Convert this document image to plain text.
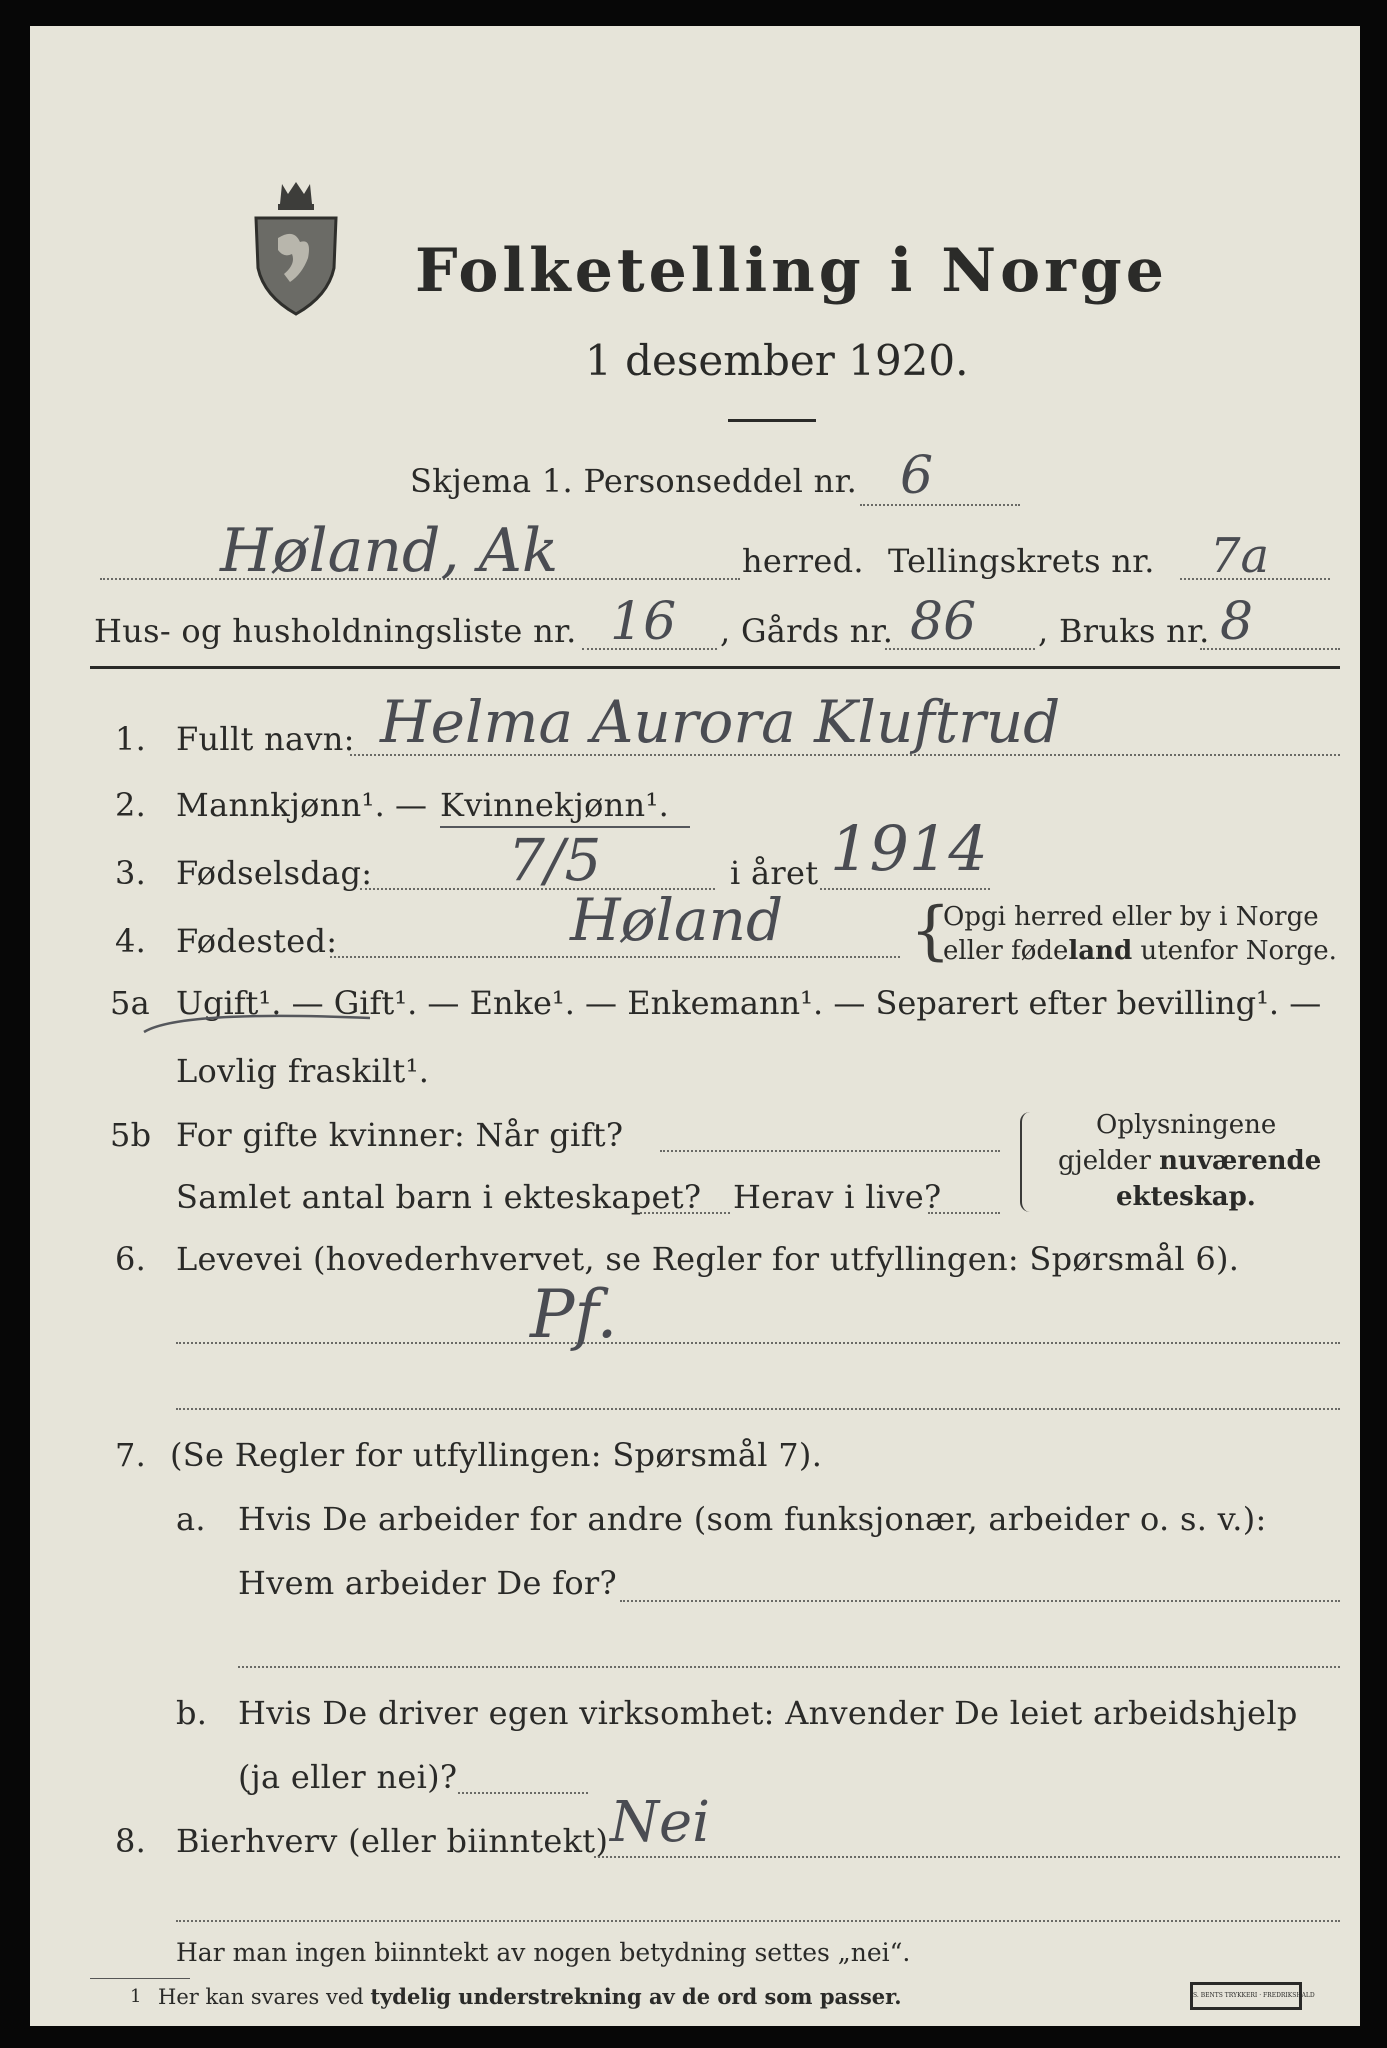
Folketelling i Norge
1 desember 1920.
Skjema 1. Personseddel nr. 6
Høland, Ak	herred. Tellingskrets nr. 7a
Hus- og husholdningsliste nr. 16 , Gårds nr. 86 , Bruks nr. 8
1. Fullt navn: Helma Aurora Kluftrud
2. Mannkjønn¹. — Kvinnekjønn¹.
3. Fødselsdag: 7/5	i året 1914
4. Fødested:	Høland {
Opgi herred eller by i Norge
eller fødeland utenfor Norge.
5a Ugift¹. — Gift¹. — Enke¹. — Enkemann¹. — Separert efter bevilling¹. —
Lovlig fraskilt¹.
5b For gifte kvinner: Når gift?
Samlet antal barn i ekteskapet? Herav i live?
Oplysningene
gjelder nuværende
ekteskap.
6. Levevei (hovederhvervet, se Regler for utfyllingen: Spørsmål 6).
Pf.
7. (Se Regler for utfyllingen: Spørsmål 7).
a. Hvis De arbeider for andre (som funksjonær, arbeider o. s. v.):
Hvem arbeider De for?
b. Hvis De driver egen virksomhet: Anvender De leiet arbeidshjelp
(ja eller nei)?
8. Bierhverv (eller biinntekt) Nei
Har man ingen biinntekt av nogen betydning settes „nei“.
1 Her kan svares ved tydelig understrekning av de ord som passer.	S. BENTS TRYKKERI · FREDRIKSHALD
